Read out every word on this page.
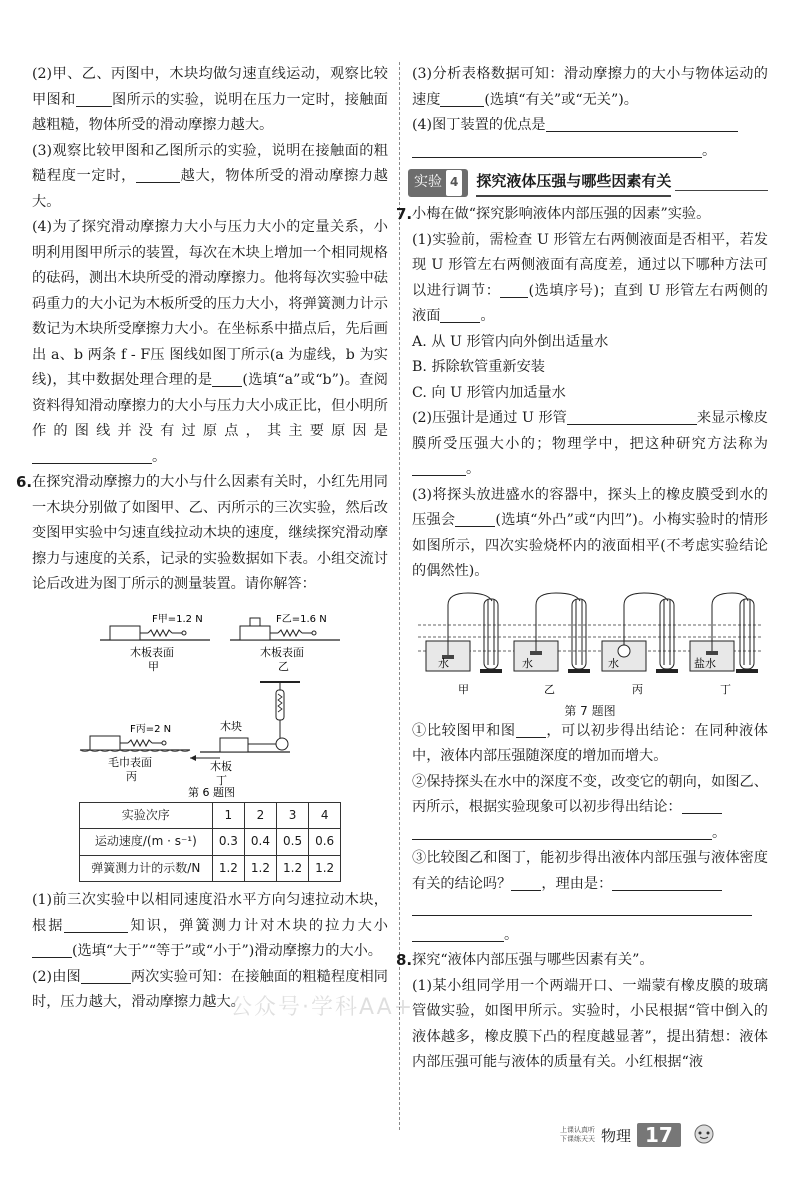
(2)甲、乙、丙图中，木块均做匀速直线运动，观察比较甲图和	图所示的实验，说明在压力一定时，接触面越粗糙，物体所受的滑动摩擦力越大。

(3)观察比较甲图和乙图所示的实验，说明在接触面的粗糙程度一定时，	越大，物体所受的滑动摩擦力越大。

(4)为了探究滑动摩擦力大小与压力大小的定量关系，小明利用图甲所示的装置，每次在木块上增加一个相同规格的砝码，测出木块所受的滑动摩擦力。他将每次实验中砝码重力的大小记为木板所受的压力大小，将弹簧测力计示数记为木块所受摩擦力大小。在坐标系中描点后，先后画出 a、b 两条 f - F压 图线如图丁所示(a 为虚线，b 为实线)，其中数据处理合理的是 (选填“a”或“b”)。查阅资料得知滑动摩擦力的大小与压力大小成正比，但小明所作的图线并没有过原点，其主要原因是。

6. 在探究滑动摩擦力的大小与什么因素有关时，小红先用同一木块分别做了如图甲、乙、丙所示的三次实验，然后改变图甲实验中匀速直线拉动木块的速度，继续探究滑动摩擦力与速度的关系，记录的实验数据如下表。小组交流讨论后改进为图丁所示的测量装置。请你解答：

F甲=1.2 N
木板表面
甲
F乙=1.6 N
木板表面
乙
F丙=2 N
毛巾表面
丙
木块
木板
丁
第 6 题图
实验次序	1	2	3	4
运动速度/(m · s⁻¹)	0.3	0.4	0.5	0.6
弹簧测力计的示数/N	1.2	1.2	1.2	1.2

(1)前三次实验中以相同速度沿水平方向匀速拉动木块，根据	知识，弹簧测力计对木块的拉力大小(选填“大于”“等于”或“小于”)滑动摩擦力的大小。

(2)由图	两次实验可知：在接触面的粗糙程度相同时，压力越大，滑动摩擦力越大。

(3)分析表格数据可知：滑动摩擦力的大小与物体运动的速度	(选填“有关”或“无关”)。

(4)图丁装置的优点是
。

实验 4 探究液体压强与哪些因素有关

7. 小梅在做“探究影响液体内部压强的因素”实验。

(1)实验前，需检查 U 形管左右两侧液面是否相平，若发现 U 形管左右两侧液面有高度差，通过以下哪种方法可以进行调节： (选填序号)；直到 U 形管左右两侧的液面	。

A. 从 U 形管内向外倒出适量水

B. 拆除软管重新安装

C. 向 U 形管内加适量水

(2)压强计是通过 U 形管	来显示橡皮膜所受压强大小的；物理学中，把这种研究方法称为。

(3)将探头放进盛水的容器中，探头上的橡皮膜受到水的压强会	(选填“外凸”或“内凹”)。小梅实验时的情形如图所示，四次实验烧杯内的液面相平(不考虑实验结论的偶然性)。

水
甲
水
乙
水
丙
盐水
丁
第 7 题图

①比较图甲和图 ，可以初步得出结论：在同种液体中，液体内部压强随深度的增加而增大。

②保持探头在水中的深度不变，改变它的朝向，如图乙、丙所示，根据实验现象可以初步得出结论：
。

③比较图乙和图丁，能初步得出液体内部压强与液体密度有关的结论吗？ ，理由是：

。

8. 探究“液体内部压强与哪些因素有关”。

(1)某小组同学用一个两端开口、一端蒙有橡皮膜的玻璃管做实验，如图甲所示。实验时，小民根据“管中倒入的液体越多，橡皮膜下凸的程度越显著”，提出猜想：液体内部压强可能与液体的质量有关。小红根据“液

公众号·学科AA+
上课认真听
下课练天天 物理 17
